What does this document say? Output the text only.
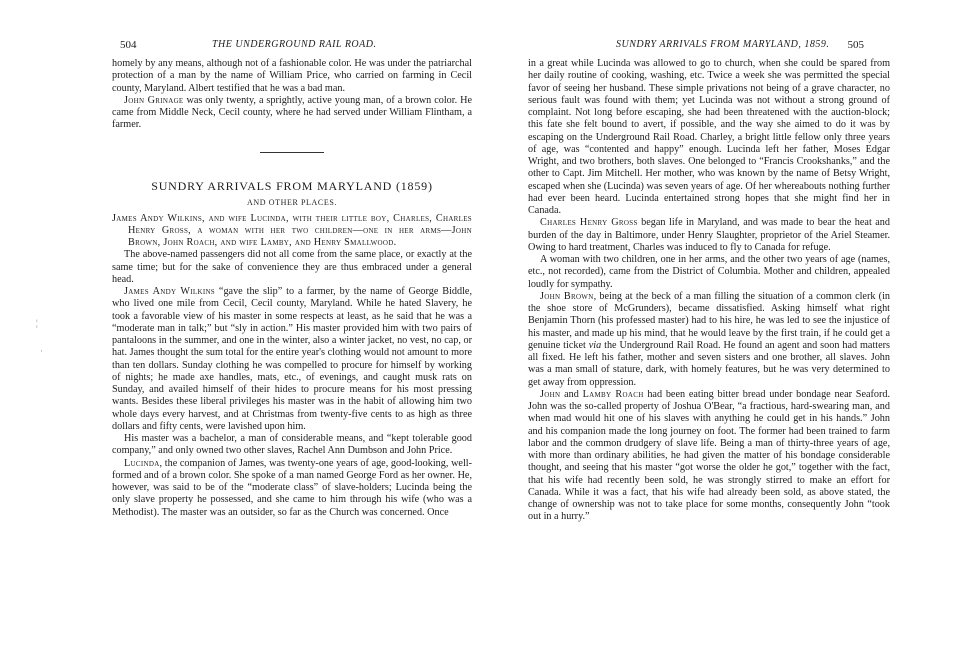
504	THE UNDERGROUND RAIL ROAD.
¦
·

homely by any means, although not of a fashionable color. He was under the patriarchal protection of a man by the name of William Price, who carried on farming in Cecil county, Maryland. Albert testified that he was a bad man.

John Grinage was only twenty, a sprightly, active young man, of a brown color. He came from Middle Neck, Cecil county, where he had served under William Flintham, a farmer.

SUNDRY ARRIVALS FROM MARYLAND (1859)
AND OTHER PLACES.

James Andy Wilkins, and wife Lucinda, with their little boy, Charles, Charles Henry Gross, a woman with her two children—one in her arms—John Brown, John Roach, and wife Lamby, and Henry Smallwood.

The above-named passengers did not all come from the same place, or exactly at the same time; but for the sake of convenience they are thus embraced under a general head.

James Andy Wilkins “gave the slip” to a farmer, by the name of George Biddle, who lived one mile from Cecil, Cecil county, Maryland. While he hated Slavery, he took a favorable view of his master in some respects at least, as he said that he was a “moderate man in talk;” but “sly in action.” His master provided him with two pairs of pantaloons in the summer, and one in the winter, also a winter jacket, no vest, no cap, or hat. James thought the sum total for the entire year's clothing would not amount to more than ten dollars. Sunday clothing he was compelled to procure for himself by working of nights; he made axe handles, mats, etc., of evenings, and caught musk rats on Sunday, and availed himself of their hides to procure means for his most pressing wants. Besides these liberal privileges his master was in the habit of allowing him two whole days every harvest, and at Christmas from twenty-five cents to as high as three dollars and fifty cents, were lavished upon him.

His master was a bachelor, a man of considerable means, and “kept tolerable good company,” and only owned two other slaves, Rachel Ann Dumbson and John Price.

Lucinda, the companion of James, was twenty-one years of age, good-looking, well-formed and of a brown color. She spoke of a man named George Ford as her owner. He, however, was said to be of the “moderate class” of slave-holders; Lucinda being the only slave property he possessed, and she came to him through his wife (who was a Methodist). The master was an outsider, so far as the Church was concerned. Once

SUNDRY ARRIVALS FROM MARYLAND, 1859. 505

in a great while Lucinda was allowed to go to church, when she could be spared from her daily routine of cooking, washing, etc. Twice a week she was permitted the special favor of seeing her husband. These simple privations not being of a grave character, no serious fault was found with them; yet Lucinda was not without a strong ground of complaint. Not long before escaping, she had been threatened with the auction-block; this fate she felt bound to avert, if possible, and the way she aimed to do it was by escaping on the Underground Rail Road. Charley, a bright little fellow only three years of age, was “contented and happy” enough. Lucinda left her father, Moses Edgar Wright, and two brothers, both slaves. One belonged to “Francis Crookshanks,” and the other to Capt. Jim Mitchell. Her mother, who was known by the name of Betsy Wright, escaped when she (Lucinda) was seven years of age. Of her whereabouts nothing further had ever been heard. Lucinda entertained strong hopes that she might find her in Canada.

Charles Henry Gross began life in Maryland, and was made to bear the heat and burden of the day in Baltimore, under Henry Slaughter, proprietor of the Ariel Steamer. Owing to hard treatment, Charles was induced to fly to Canada for refuge.

A woman with two children, one in her arms, and the other two years of age (names, etc., not recorded), came from the District of Columbia. Mother and children, appealed loudly for sympathy.

John Brown, being at the beck of a man filling the situation of a common clerk (in the shoe store of McGrunders), became dissatisfied. Asking himself what right Benjamin Thorn (his professed master) had to his hire, he was led to see the injustice of his master, and made up his mind, that he would leave by the first train, if he could get a genuine ticket via the Underground Rail Road. He found an agent and soon had matters all fixed. He left his father, mother and seven sisters and one brother, all slaves. John was a man small of stature, dark, with homely features, but he was very determined to get away from oppression.

John and Lamby Roach had been eating bitter bread under bondage near Seaford. John was the so-called property of Joshua O'Bear, “a fractious, hard-swearing man, and when mad would hit one of his slaves with anything he could get in his hands.” John and his companion made the long journey on foot. The former had been trained to farm labor and the common drudgery of slave life. Being a man of thirty-three years of age, with more than ordinary abilities, he had given the matter of his bondage considerable thought, and seeing that his master “got worse the older he got,” together with the fact, that his wife had recently been sold, he was strongly stirred to make an effort for Canada. While it was a fact, that his wife had already been sold, as above stated, the change of ownership was not to take place for some months, consequently John “took out in a hurry.”
